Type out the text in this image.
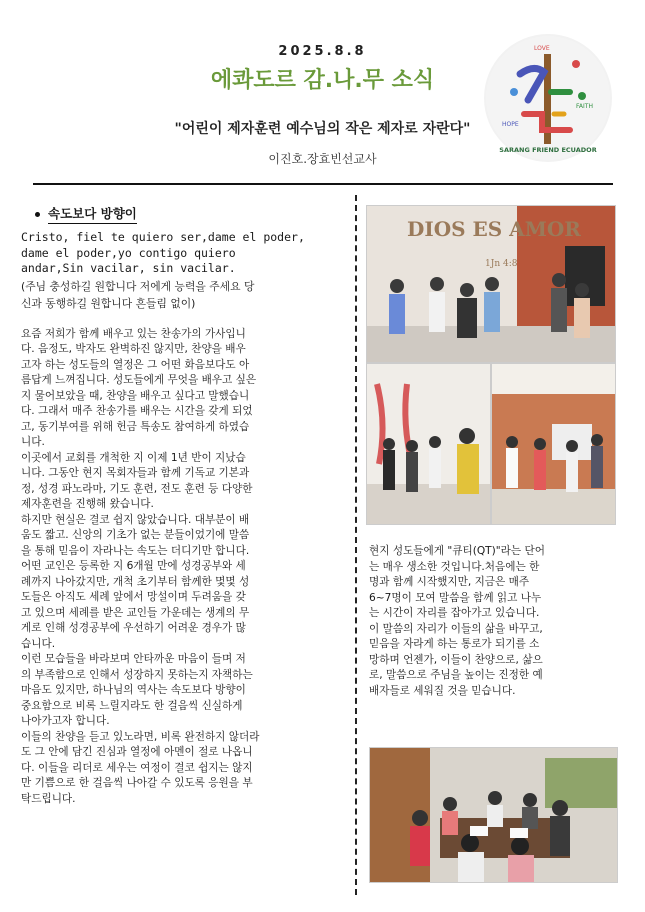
2025.8.8
에콰도르 감.나.무 소식
"어린이 제자훈련 예수님의 작은 제자로 자란다"
이진호.장효빈선교사
FAITH
HOPE
LOVE
SARANG FRIEND ECUADOR
속도보다 방향이

Cristo, fiel te quiero ser,dame el poder,

dame el poder,yo contigo quiero

andar,Sin vacilar, sin vacilar.

(주님 충성하길 원합니다 저에게 능력을 주세요 당

신과 동행하길 원합니다 흔들림 없이)

요즘 저희가 함께 배우고 있는 찬송가의 가사입니

다. 음정도, 박자도 완벽하진 않지만, 찬양을 배우

고자 하는 성도들의 열정은 그 어떤 화음보다도 아

름답게 느껴집니다. 성도들에게 무엇을 배우고 싶은

지 물어보았을 때, 찬양을 배우고 싶다고 말했습니

다. 그래서 매주 찬송가를 배우는 시간을 갖게 되었

고, 동기부여를 위해 헌금 특송도 참여하게 하였습

니다.

이곳에서 교회를 개척한 지 이제 1년 반이 지났습

니다. 그동안 현지 목회자들과 함께 기독교 기본과

정, 성경 파노라마, 기도 훈련, 전도 훈련 등 다양한

제자훈련을 진행해 왔습니다.

하지만 현실은 결코 쉽지 않았습니다. 대부분이 배

움도 짧고. 신앙의 기초가 없는 분들이었기에 말씀

을 통해 믿음이 자라나는 속도는 더디기만 합니다.

어떤 교인은 등록한 지 6개월 만에 성경공부와 세

례까지 나아갔지만, 개척 초기부터 함께한 몇몇 성

도들은 아직도 세례 앞에서 망설이며 두려움을 갖

고 있으며 세례를 받은 교인들 가운데는 생계의 무

게로 인해 성경공부에 우선하기 어려운 경우가 많

습니다.

이런 모습들을 바라보며 안타까운 마음이 들며 저

의 부족함으로 인해서 성장하지 못하는지 자책하는

마음도 있지만, 하나님의 역사는 속도보다 방향이

중요함으로 비록 느릴지라도 한 걸음씩 신실하게

나아가고자 합니다.

이들의 찬양을 듣고 있노라면, 비록 완전하지 않더라

도 그 안에 담긴 진심과 열정에 아멘이 절로 나옵니

다. 이들을 리더로 세우는 여정이 결코 쉽지는 않지

만 기쁨으로 한 걸음씩 나아갈 수 있도록 응원을 부

탁드립니다.

DIOS ES AMOR
1Jn 4:8

현지 성도들에게 "큐티(QT)"라는 단어

는 매우 생소한 것입니다.처음에는 한

명과 함께 시작했지만, 지금은 매주

6~7명이 모여 말씀을 함께 읽고 나누

는 시간이 자리를 잡아가고 있습니다.

이 말씀의 자리가 이들의 삶을 바꾸고,

믿음을 자라게 하는 통로가 되기를 소

망하며 언젠가, 이들이 찬양으로, 삶으

로, 말씀으로 주님을 높이는 진정한 예

배자들로 세워질 것을 믿습니다.
